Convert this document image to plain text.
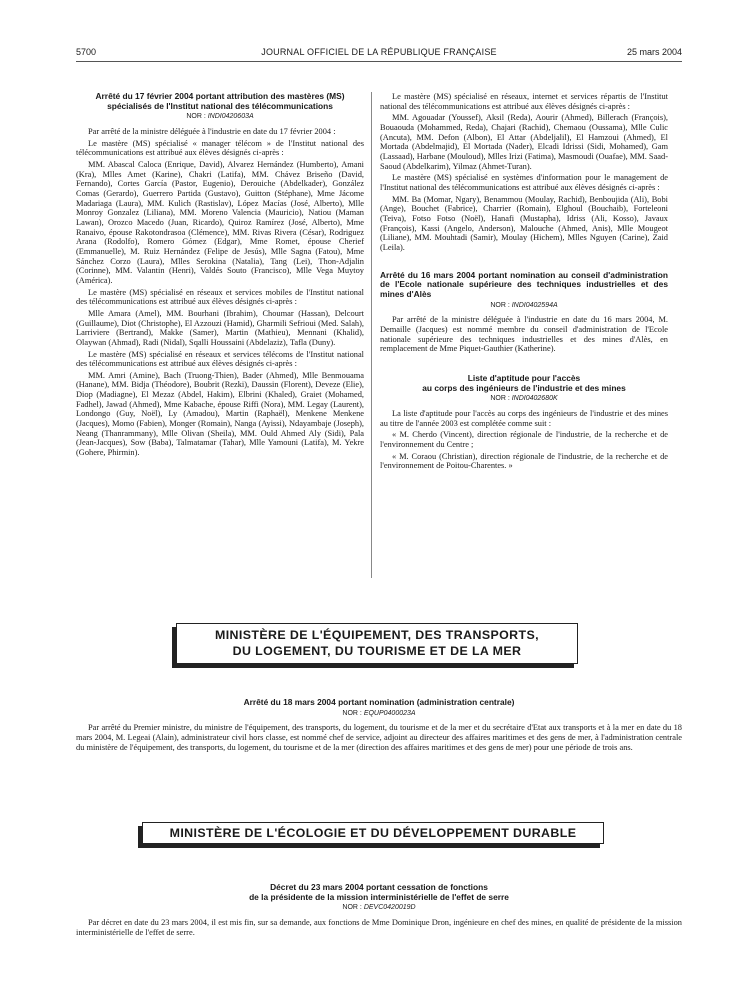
5700	JOURNAL OFFICIEL DE LA RÉPUBLIQUE FRANÇAISE	25 mars 2004
Arrêté du 17 février 2004 portant attribution des mastères (MS) spécialisés de l'Institut national des télécommunications
NOR : INDI0420603A

Par arrêté de la ministre déléguée à l'industrie en date du 17 février 2004 :

Le mastère (MS) spécialisé « manager télécom » de l'Institut national des télécommunications est attribué aux élèves désignés ci-après :

MM. Abascal Caloca (Enrique, David), Alvarez Hernández (Humberto), Amani (Kra), Mlles Amet (Karine), Chakri (Latifa), MM. Chávez Briseño (David, Fernando), Cortes García (Pastor, Eugenio), Derouiche (Abdelkader), González Comas (Gerardo), Guerrero Partida (Gustavo), Guitton (Stéphane), Mme Jácome Madariaga (Laura), MM. Kulich (Rastislav), López Macías (José, Alberto), Mlle Monroy Gonzalez (Liliana), MM. Moreno Valencia (Mauricio), Natiou (Maman Lawan), Orozco Macedo (Juan, Ricardo), Quiroz Ramírez (José, Alberto), Mme Ranaivo, épouse Rakotondrasoa (Clémence), MM. Rivas Rivera (César), Rodriguez Arana (Rodolfo), Romero Gómez (Edgar), Mme Romet, épouse Cherief (Emmanuelle), M. Ruiz Hernández (Felipe de Jesús), Mlle Sagna (Fatou), Mme Sánchez Corzo (Laura), Mlles Serokina (Natalia), Tang (Lei), Thon-Adjalin (Corinne), MM. Valantin (Henri), Valdés Souto (Francisco), Mlle Vega Muytoy (América).

Le mastère (MS) spécialisé en réseaux et services mobiles de l'Institut national des télécommunications est attribué aux élèves désignés ci-après :

Mlle Amara (Amel), MM. Bourhani (Ibrahim), Choumar (Hassan), Delcourt (Guillaume), Diot (Christophe), El Azzouzi (Hamid), Gharmili Sefrioui (Med. Salah), Larriviere (Bertrand), Makke (Samer), Martin (Mathieu), Mennani (Khalid), Olaywan (Ahmad), Radi (Nidal), Sqalli Houssaini (Abdelaziz), Tafla (Duny).

Le mastère (MS) spécialisé en réseaux et services télécoms de l'Institut national des télécommunications est attribué aux élèves désignés ci-après :

MM. Amri (Amine), Bach (Truong-Thien), Bader (Ahmed), Mlle Benmouama (Hanane), MM. Bidja (Théodore), Boubrit (Rezki), Daussin (Florent), Deveze (Elie), Diop (Madiagne), El Mezaz (Abdel, Hakim), Elbrini (Khaled), Graiet (Mohamed, Fadhel), Jawad (Ahmed), Mme Kabache, épouse Riffi (Nora), MM. Legay (Laurent), Londongo (Guy, Noël), Ly (Amadou), Martin (Raphaël), Menkene Menkene (Jacques), Momo (Fabien), Monger (Romain), Nanga (Ayissi), Ndayambaje (Joseph), Neang (Thanrammany), Mlle Olivan (Sheila), MM. Ould Ahmed Aly (Sidi), Pala (Jean-Jacques), Sow (Baba), Talmatamar (Tahar), Mlle Yamouni (Latifa), M. Yekre (Gohere, Phirmin).

Le mastère (MS) spécialisé en réseaux, internet et services répartis de l'Institut national des télécommunications est attribué aux élèves désignés ci-après :

MM. Agouadar (Youssef), Aksil (Reda), Aourir (Ahmed), Billerach (François), Bouaouda (Mohammed, Reda), Chajari (Rachid), Chemaou (Oussama), Mlle Culic (Ancuta), MM. Defon (Albon), El Attar (Abdeljalil), El Hamzoui (Ahmed), El Mortada (Abdelmajid), El Mortada (Nader), Elcadi Idrissi (Sidi, Mohamed), Gam (Lassaad), Harbane (Mouloud), Mlles Irizi (Fatima), Masmoudi (Ouafae), MM. Saad-Saoud (Abdelkarim), Yilmaz (Ahmet-Turan).

Le mastère (MS) spécialisé en systèmes d'information pour le management de l'Institut national des télécommunications est attribué aux élèves désignés ci-après :

MM. Ba (Momar, Ngary), Benammou (Moulay, Rachid), Benboujida (Ali), Bobi (Ange), Bouchet (Fabrice), Charrier (Romain), Elghoul (Bouchaib), Forteleoni (Teiva), Fotso Fotso (Noël), Hanafi (Mustapha), Idriss (Ali, Kosso), Javaux (François), Kassi (Angelo, Anderson), Malouche (Ahmed, Anis), Mlle Mougeot (Liliane), MM. Mouhtadi (Samir), Moulay (Hichem), Mlles Nguyen (Carine), Zaid (Leila).

Arrêté du 16 mars 2004 portant nomination au conseil d'administration de l'Ecole nationale supérieure des techniques industrielles et des mines d'Alès
NOR : INDI0402594A

Par arrêté de la ministre déléguée à l'industrie en date du 16 mars 2004, M. Demaille (Jacques) est nommé membre du conseil d'administration de l'Ecole nationale supérieure des techniques industrielles et des mines d'Alès, en remplacement de Mme Piquet-Gauthier (Katherine).

Liste d'aptitude pour l'accès
au corps des ingénieurs de l'industrie et des mines
NOR : INDI0402680K

La liste d'aptitude pour l'accès au corps des ingénieurs de l'industrie et des mines au titre de l'année 2003 est complétée comme suit :

« M. Cherdo (Vincent), direction régionale de l'industrie, de la recherche et de l'environnement du Centre ;

« M. Coraou (Christian), direction régionale de l'industrie, de la recherche et de l'environnement de Poitou-Charentes. »

MINISTÈRE DE L'ÉQUIPEMENT, DES TRANSPORTS,
DU LOGEMENT, DU TOURISME ET DE LA MER
Arrêté du 18 mars 2004 portant nomination (administration centrale)
NOR : EQUP0400023A

Par arrêté du Premier ministre, du ministre de l'équipement, des transports, du logement, du tourisme et de la mer et du secrétaire d'Etat aux transports et à la mer en date du 18 mars 2004, M. Legeai (Alain), administrateur civil hors classe, est nommé chef de service, adjoint au directeur des affaires maritimes et des gens de mer, à l'administration centrale du ministère de l'équipement, des transports, du logement, du tourisme et de la mer (direction des affaires maritimes et des gens de mer) pour une période de trois ans.

MINISTÈRE DE L'ÉCOLOGIE ET DU DÉVELOPPEMENT DURABLE
Décret du 23 mars 2004 portant cessation de fonctions
de la présidente de la mission interministérielle de l'effet de serre
NOR : DEVC0420019D

Par décret en date du 23 mars 2004, il est mis fin, sur sa demande, aux fonctions de Mme Dominique Dron, ingénieure en chef des mines, en qualité de présidente de la mission interministérielle de l'effet de serre.
